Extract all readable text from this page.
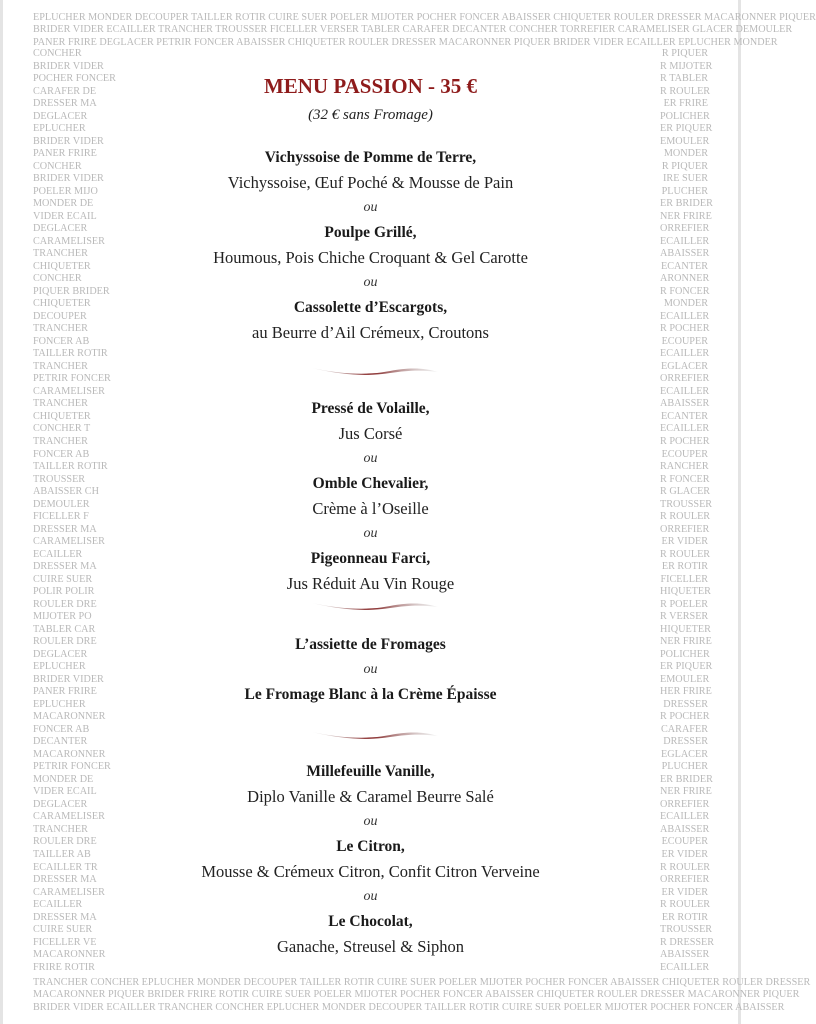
EPLUCHER MONDER DECOUPER TAILLER ROTIR CUIRE SUER POELER MIJOTER POCHER FONCER ABAISSER CHIQUETER ROULER DRESSER MACARONNER PIQUER
BRIDER VIDER ECAILLER TRANCHER TROUSSER FICELLER VERSER TABLER CARAFER DECANTER CONCHER TORREFIER CARAMELISER GLACER DEMOULER
PANER FRIRE DEGLACER PETRIR FONCER ABAISSER CHIQUETER ROULER DRESSER MACARONNER PIQUER BRIDER VIDER ECAILLER EPLUCHER MONDER
CONCHER
BRIDER VIDER
POCHER FONCER
CARAFER DE
DRESSER MA
DEGLACER
EPLUCHER
BRIDER VIDER
PANER FRIRE
CONCHER
BRIDER VIDER
POELER MIJO
MONDER DE
VIDER ECAIL
DEGLACER
CARAMELISER
TRANCHER
CHIQUETER
CONCHER
PIQUER BRIDER
CHIQUETER
DECOUPER
TRANCHER
FONCER AB
TAILLER ROTIR
TRANCHER
PETRIR FONCER
CARAMELISER
TRANCHER
CHIQUETER
CONCHER T
TRANCHER
FONCER AB
TAILLER ROTIR
TROUSSER
ABAISSER CH
DEMOULER
FICELLER F
DRESSER MA
CARAMELISER
ECAILLER
DRESSER MA
CUIRE SUER
POLIR POLIR
ROULER DRE
MIJOTER PO
TABLER CAR
ROULER DRE
DEGLACER
EPLUCHER
BRIDER VIDER
PANER FRIRE
EPLUCHER
MACARONNER
FONCER AB
DECANTER
MACARONNER
PETRIR FONCER
MONDER DE
VIDER ECAIL
DEGLACER
CARAMELISER
TRANCHER
ROULER DRE
TAILLER AB
ECAILLER TR
DRESSER MA
CARAMELISER
ECAILLER
DRESSER MA
CUIRE SUER
FICELLER VE
MACARONNER
FRIRE ROTIR
R PIQUER
R MIJOTER
R TABLER
R ROULER
ER FRIRE
POLICHER
ER PIQUER
EMOULER
MONDER
R PIQUER
IRE SUER
PLUCHER
ER BRIDER
NER FRIRE
ORREFIER
ECAILLER
ABAISSER
ECANTER
ARONNER
R FONCER
MONDER
ECAILLER
R POCHER
ECOUPER
ECAILLER
EGLACER
ORREFIER
ECAILLER
ABAISSER
ECANTER
ECAILLER
R POCHER
ECOUPER
RANCHER
R FONCER
R GLACER
TROUSSER
R ROULER
ORREFIER
ER VIDER
R ROULER
ER ROTIR
FICELLER
HIQUETER
R POELER
R VERSER
HIQUETER
NER FRIRE
POLICHER
ER PIQUER
EMOULER
HER FRIRE
DRESSER
R POCHER
CARAFER
DRESSER
EGLACER
PLUCHER
ER BRIDER
NER FRIRE
ORREFIER
ECAILLER
ABAISSER
ECOUPER
ER VIDER
R ROULER
ORREFIER
ER VIDER
R ROULER
ER ROTIR
TROUSSER
R DRESSER
ABAISSER
ECAILLER
TRANCHER CONCHER EPLUCHER MONDER DECOUPER TAILLER ROTIR CUIRE SUER POELER MIJOTER POCHER FONCER ABAISSER CHIQUETER ROULER DRESSER
MACARONNER PIQUER BRIDER FRIRE ROTIR CUIRE SUER POELER MIJOTER POCHER FONCER ABAISSER CHIQUETER ROULER DRESSER MACARONNER PIQUER
BRIDER VIDER ECAILLER TRANCHER CONCHER EPLUCHER MONDER DECOUPER TAILLER ROTIR CUIRE SUER POELER MIJOTER POCHER FONCER ABAISSER
MENU PASSION - 35 €
(32 € sans Fromage)
Vichyssoise de Pomme de Terre,
Vichyssoise, Œuf Poché & Mousse de Pain
ou
Poulpe Grillé,
Houmous, Pois Chiche Croquant & Gel Carotte
ou
Cassolette d’Escargots,
au Beurre d’Ail Crémeux, Croutons
Pressé de Volaille,
Jus Corsé
ou
Omble Chevalier,
Crème à l’Oseille
ou
Pigeonneau Farci,
Jus Réduit Au Vin Rouge
L’assiette de Fromages
ou
Le Fromage Blanc à la Crème Épaisse
Millefeuille Vanille,
Diplo Vanille & Caramel Beurre Salé
ou
Le Citron,
Mousse & Crémeux Citron, Confit Citron Verveine
ou
Le Chocolat,
Ganache, Streusel & Siphon
